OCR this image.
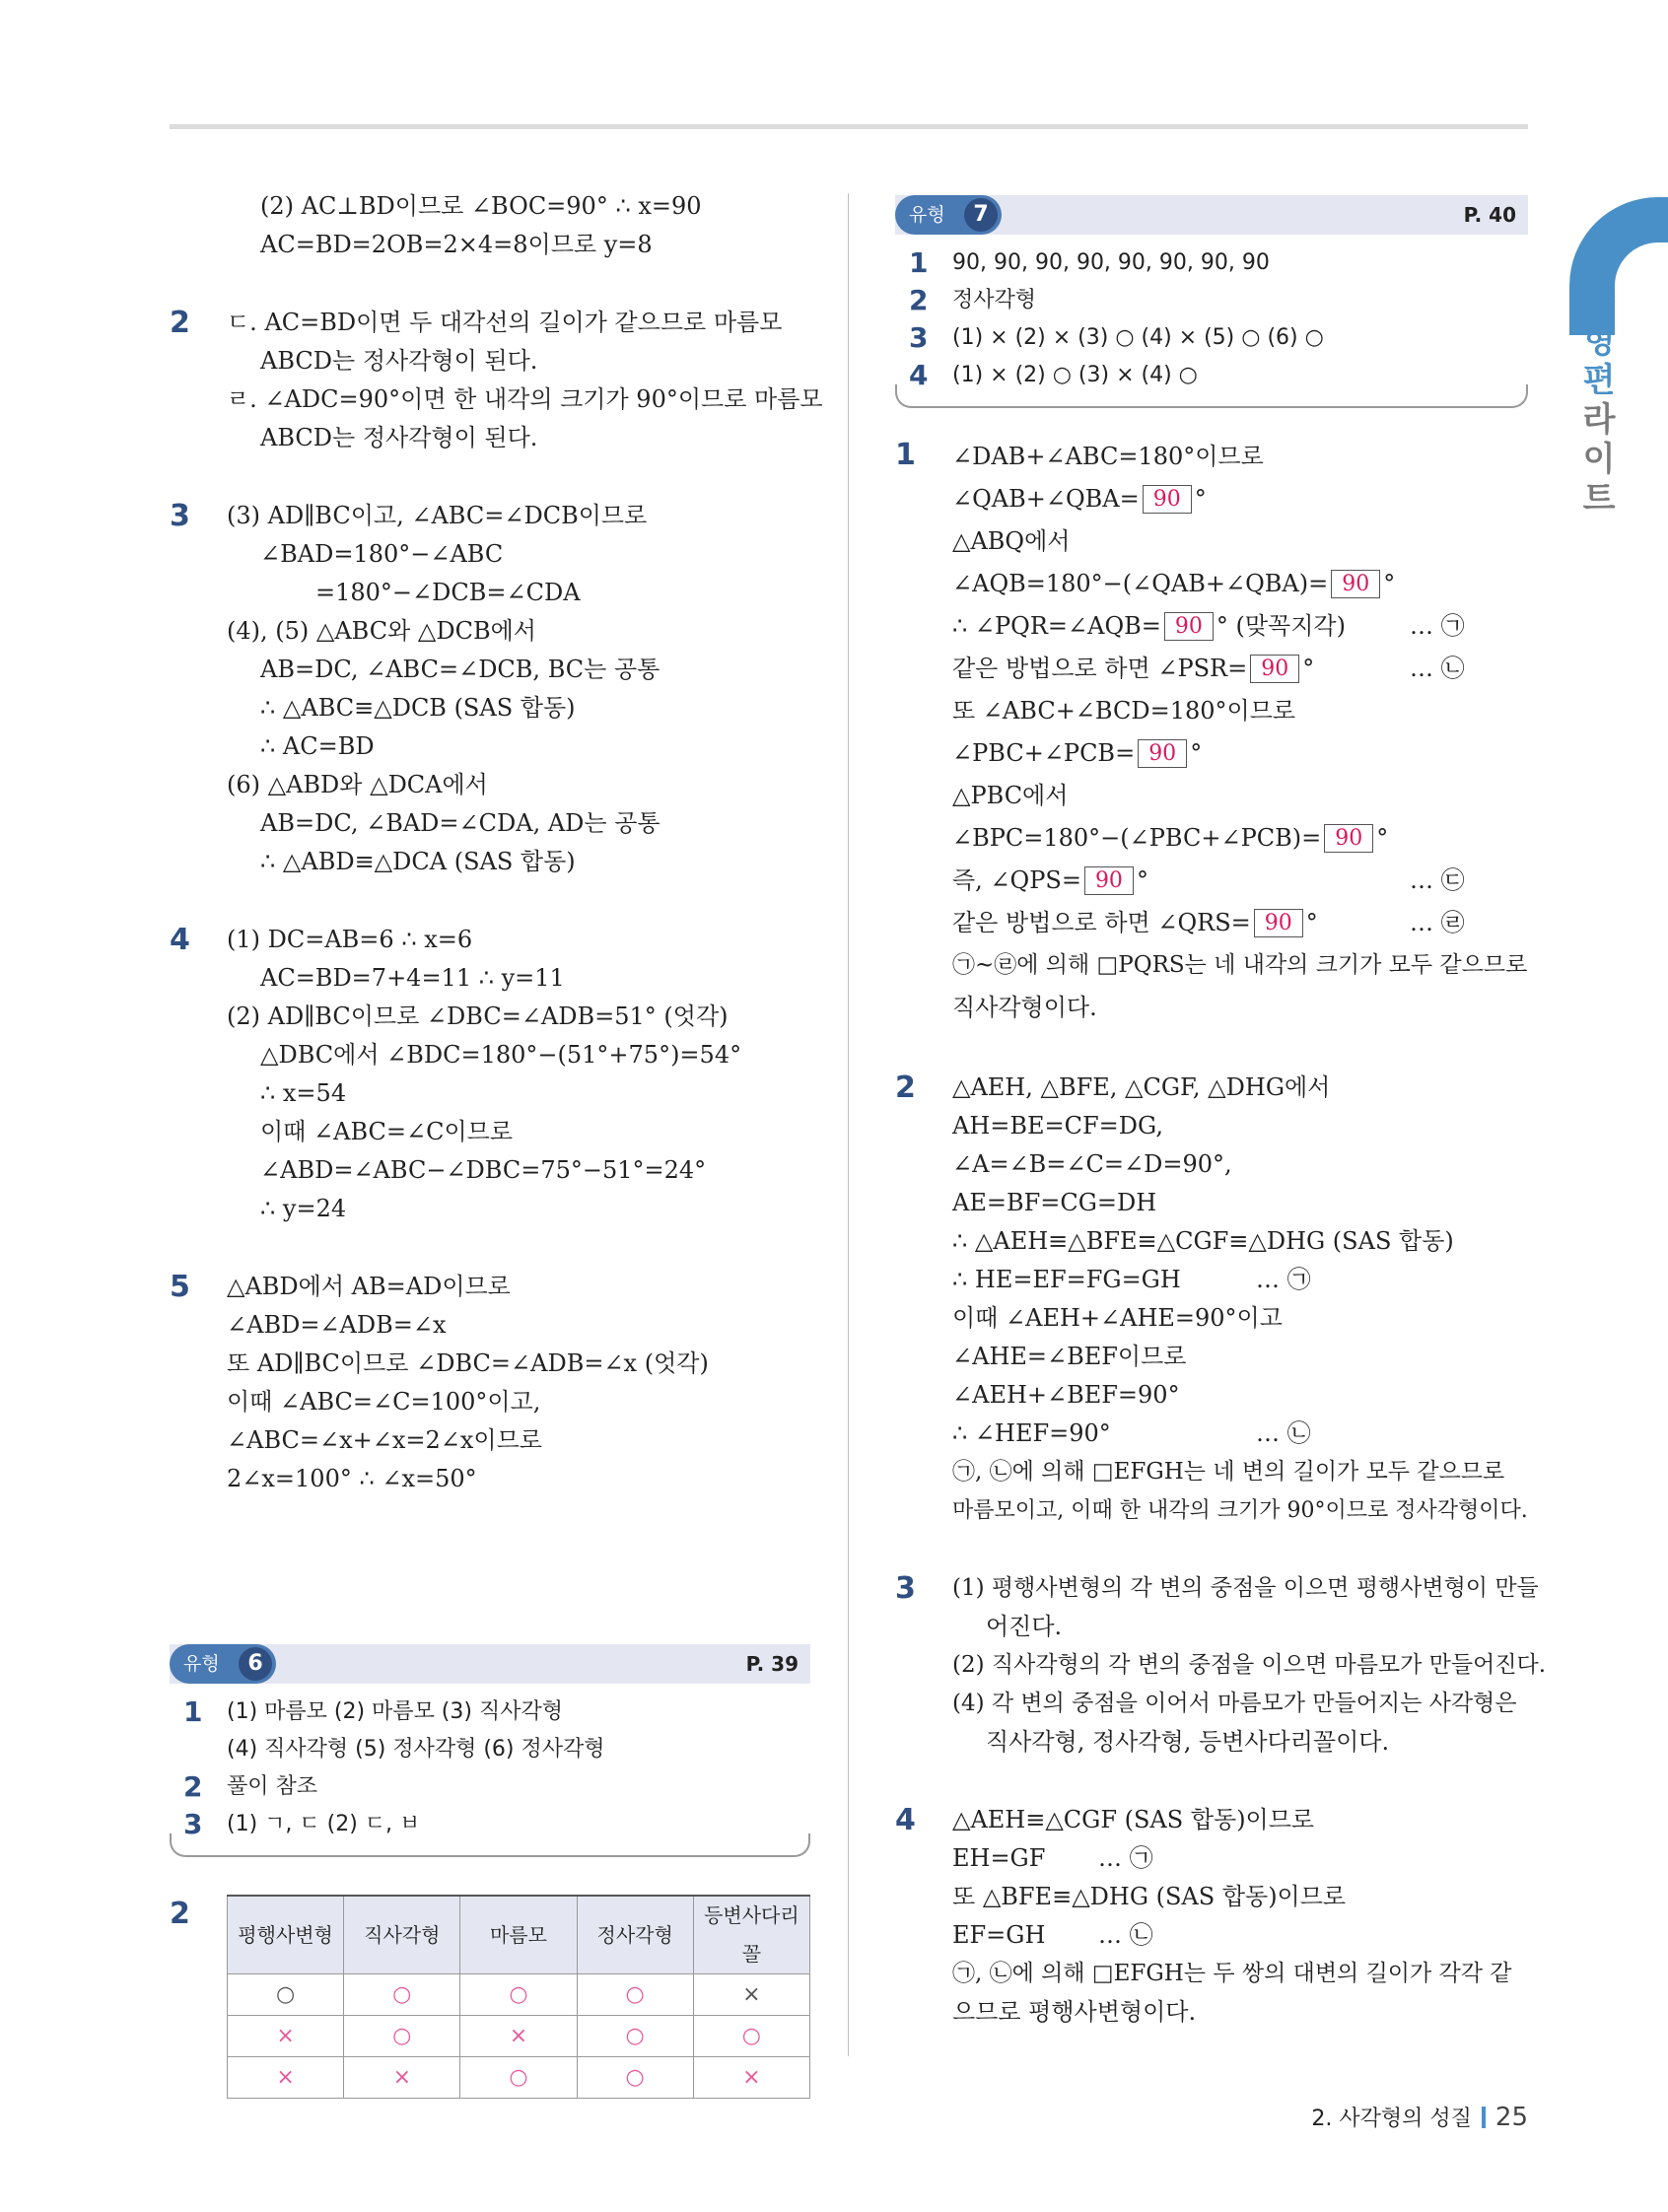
유형편
라이트
(2) AC⊥BD이므로 ∠BOC=90° ∴ x=90
AC=BD=2OB=2×4=8이므로 y=8
2 ㄷ. AC=BD이면 두 대각선의 길이가 같으므로 마름모
ABCD는 정사각형이 된다.
ㄹ. ∠ADC=90°이면 한 내각의 크기가 90°이므로 마름모
ABCD는 정사각형이 된다.
3 (3) AD∥BC이고, ∠ABC=∠DCB이므로
∠BAD=180°−∠ABC
=180°−∠DCB=∠CDA
(4), (5) △ABC와 △DCB에서
AB=DC, ∠ABC=∠DCB, BC는 공통
∴ △ABC≡△DCB (SAS 합동)
∴ AC=BD
(6) △ABD와 △DCA에서
AB=DC, ∠BAD=∠CDA, AD는 공통
∴ △ABD≡△DCA (SAS 합동)
4 (1) DC=AB=6 ∴ x=6
AC=BD=7+4=11 ∴ y=11
(2) AD∥BC이므로 ∠DBC=∠ADB=51° (엇각)
△DBC에서 ∠BDC=180°−(51°+75°)=54°
∴ x=54
이때 ∠ABC=∠C이므로
∠ABD=∠ABC−∠DBC=75°−51°=24°
∴ y=24
5 △ABD에서 AB=AD이므로
∠ABD=∠ADB=∠x
또 AD∥BC이므로 ∠DBC=∠ADB=∠x (엇각)
이때 ∠ABC=∠C=100°이고,
∠ABC=∠x+∠x=2∠x이므로
2∠x=100° ∴ ∠x=50°
유형	6	P. 39
1 (1) 마름모 (2) 마름모 (3) 직사각형
(4) 직사각형 (5) 정사각형 (6) 정사각형
2 풀이 참조
3 (1) ㄱ, ㄷ (2) ㄷ, ㅂ
2
평행사변형	직사각형	마름모	정사각형	등변사다리꼴
○	○	○	○	×
×	○	×	○	○
×	×	○	○	×
유형	7	P. 40
1 90, 90, 90, 90, 90, 90, 90, 90
2 정사각형
3 (1) × (2) × (3) ○ (4) × (5) ○ (6) ○
4 (1) × (2) ○ (3) × (4) ○
1 ∠DAB+∠ABC=180°이므로
∠QAB+∠QBA= 90 °
△ABQ에서
∠AQB=180°−(∠QAB+∠QBA)= 90 °
∴ ∠PQR=∠AQB= 90 ° (맞꼭지각)	… ㉠
같은 방법으로 하면 ∠PSR= 90 °	… ㉡
또 ∠ABC+∠BCD=180°이므로
∠PBC+∠PCB= 90 °
△PBC에서
∠BPC=180°−(∠PBC+∠PCB)= 90 °
즉, ∠QPS= 90 °	… ㉢
같은 방법으로 하면 ∠QRS= 90 °	… ㉣
㉠~㉣에 의해 □PQRS는 네 내각의 크기가 모두 같으므로
직사각형이다.
2 △AEH, △BFE, △CGF, △DHG에서
AH=BE=CF=DG,
∠A=∠B=∠C=∠D=90°,
AE=BF=CG=DH
∴ △AEH≡△BFE≡△CGF≡△DHG (SAS 합동)
∴ HE=EF=FG=GH	… ㉠
이때 ∠AEH+∠AHE=90°이고
∠AHE=∠BEF이므로
∠AEH+∠BEF=90°
∴ ∠HEF=90°	… ㉡
㉠, ㉡에 의해 □EFGH는 네 변의 길이가 모두 같으므로
마름모이고, 이때 한 내각의 크기가 90°이므로 정사각형이다.
3 (1) 평행사변형의 각 변의 중점을 이으면 평행사변형이 만들
어진다.
(2) 직사각형의 각 변의 중점을 이으면 마름모가 만들어진다.
(4) 각 변의 중점을 이어서 마름모가 만들어지는 사각형은
직사각형, 정사각형, 등변사다리꼴이다.
4 △AEH≡△CGF (SAS 합동)이므로
EH=GF … ㉠
또 △BFE≡△DHG (SAS 합동)이므로
EF=GH … ㉡
㉠, ㉡에 의해 □EFGH는 두 쌍의 대변의 길이가 각각 같
으므로 평행사변형이다.
2. 사각형의 성질 25
